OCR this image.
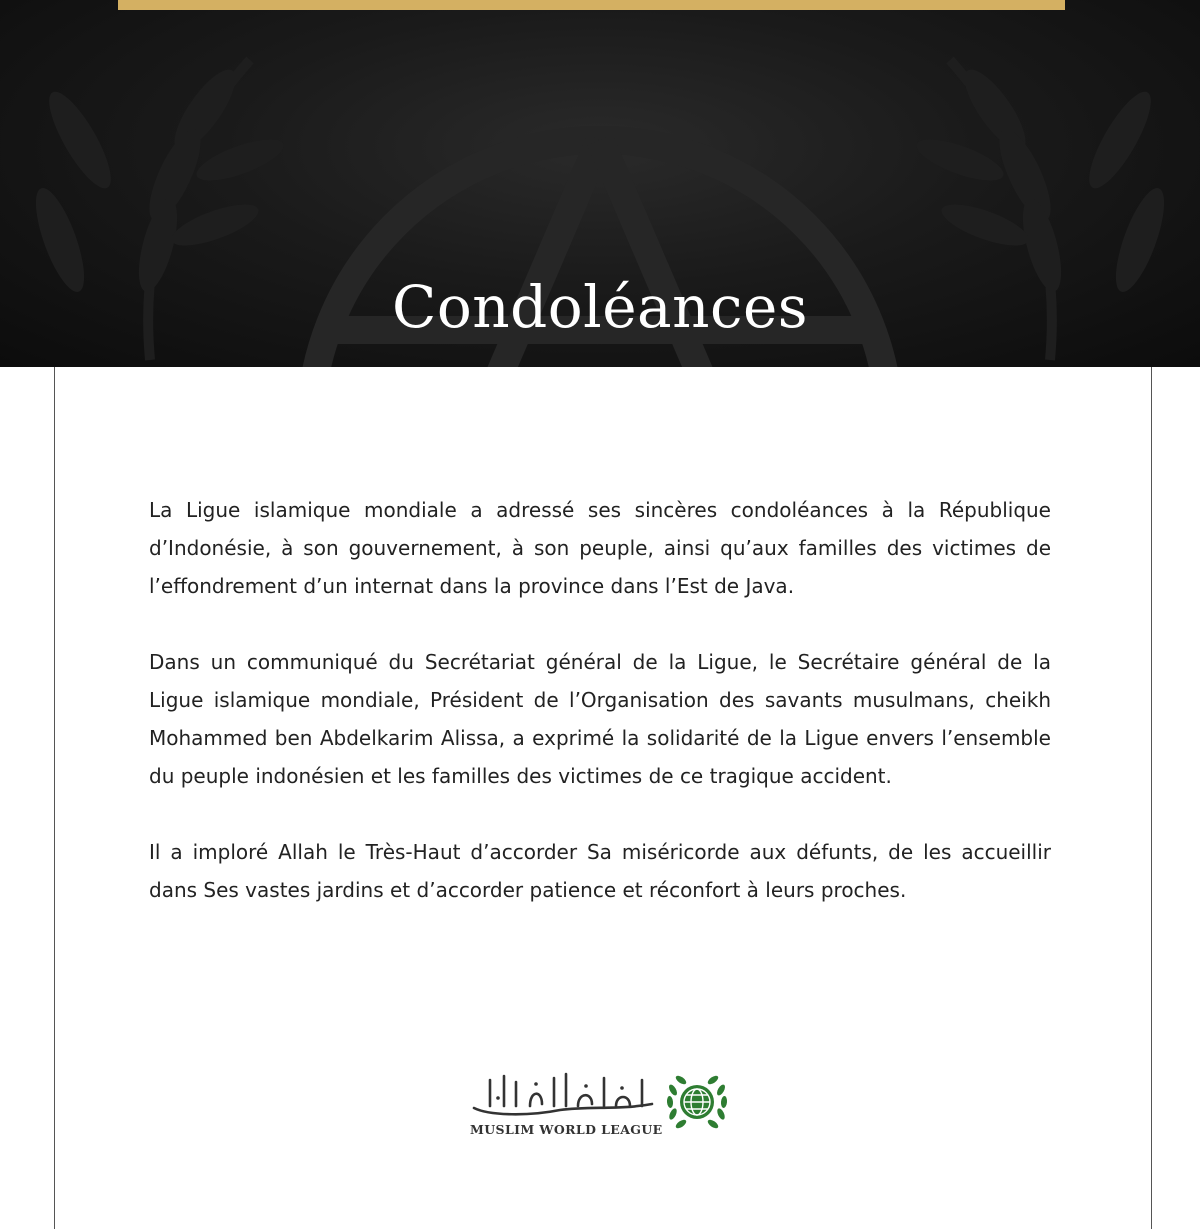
Condoléances

La Ligue islamique mondiale a adressé ses sincères condoléances à la République d’Indonésie, à son gouvernement, à son peuple, ainsi qu’aux familles des victimes de l’effondrement d’un internat dans la province dans l’Est de Java.

Dans un communiqué du Secrétariat général de la Ligue, le Secrétaire général de la Ligue islamique mondiale, Président de l’Organisation des savants musulmans, cheikh Mohammed ben Abdelkarim Alissa, a exprimé la solidarité de la Ligue envers l’ensemble du peuple indonésien et les familles des victimes de ce tragique accident.

Il a imploré Allah le Très-Haut d’accorder Sa miséricorde aux défunts, de les accueillir dans Ses vastes jardins et d’accorder patience et réconfort à leurs proches.

MUSLIM WORLD LEAGUE
